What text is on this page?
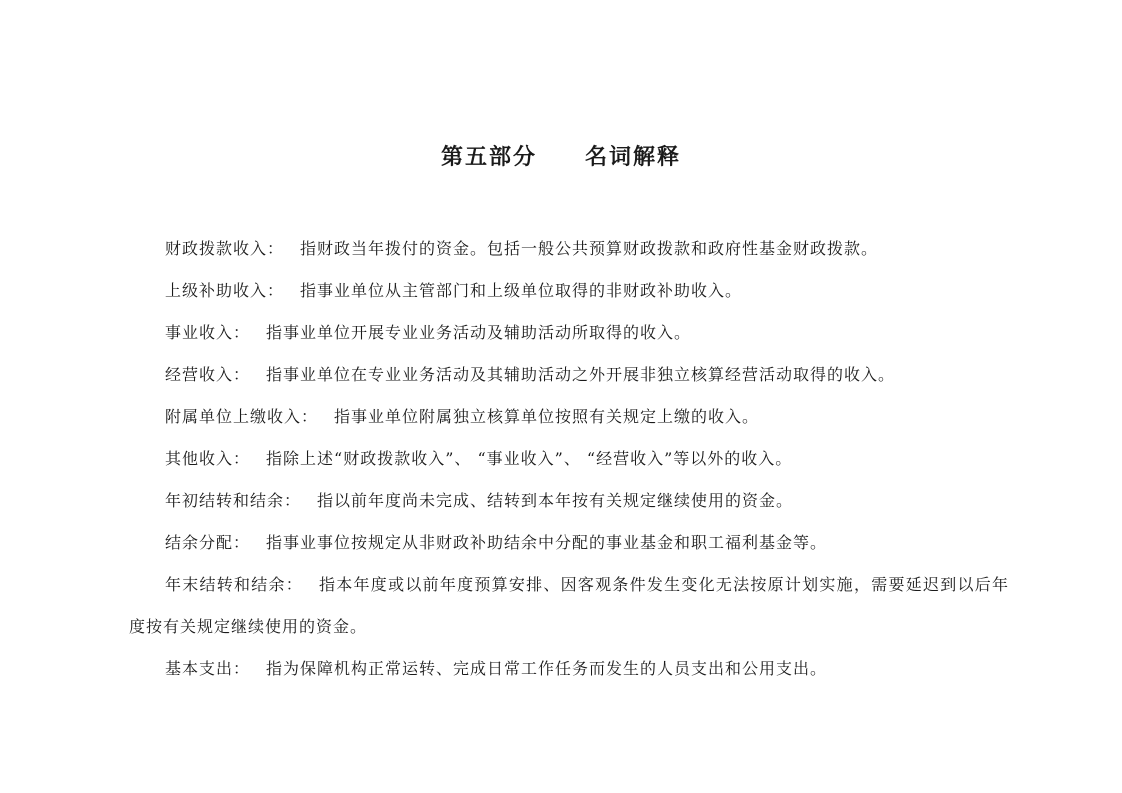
第五部分 名词解释

财政拨款收入： 指财政当年拨付的资金。包括一般公共预算财政拨款和政府性基金财政拨款。

上级补助收入： 指事业单位从主管部门和上级单位取得的非财政补助收入。

事业收入： 指事业单位开展专业业务活动及辅助活动所取得的收入。

经营收入： 指事业单位在专业业务活动及其辅助活动之外开展非独立核算经营活动取得的收入。

附属单位上缴收入： 指事业单位附属独立核算单位按照有关规定上缴的收入。

其他收入： 指除上述“财政拨款收入”、 “事业收入”、 “经营收入”等以外的收入。

年初结转和结余： 指以前年度尚未完成、结转到本年按有关规定继续使用的资金。

结余分配： 指事业事位按规定从非财政补助结余中分配的事业基金和职工福利基金等。

年末结转和结余： 指本年度或以前年度预算安排、因客观条件发生变化无法按原计划实施，需要延迟到以后年度按有关规定继续使用的资金。

基本支出： 指为保障机构正常运转、完成日常工作任务而发生的人员支出和公用支出。
